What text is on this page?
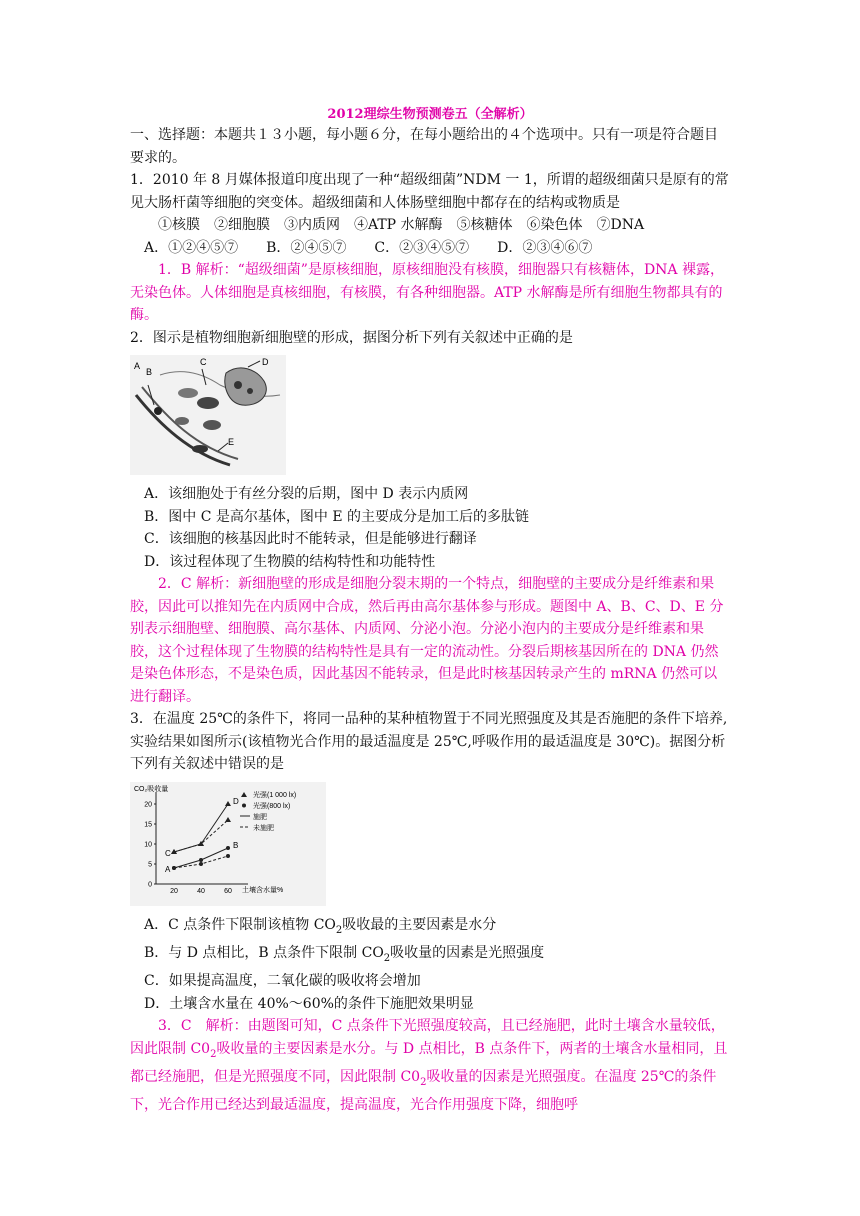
2012理综生物预测卷五（全解析）

一、选择题：本题共１３小题，每小题６分，在每小题给出的４个选项中。只有一项是符合题目要求的。

1．2010 年 8 月媒体报道印度出现了一种“超级细菌”NDM 一 1，所谓的超级细菌只是原有的常见大肠杆菌等细胞的突变体。超级细菌和人体肠壁细胞中都存在的结构或物质是

①核膜　②细胞膜　③内质网　④ATP 水解酶　⑤核糖体　⑥染色体　⑦DNA

A．①②④⑤⑦　　B．②④⑤⑦　　C．②③④⑤⑦　　D．②③④⑥⑦

1．B 解析：“超级细菌”是原核细胞，原核细胞没有核膜，细胞器只有核糖体，DNA 裸露，无染色体。人体细胞是真核细胞，有核膜，有各种细胞器。ATP 水解酶是所有细胞生物都具有的酶。

2．图示是植物细胞新细胞壁的形成，据图分析下列有关叙述中正确的是

A
B
C	D
E

A．该细胞处于有丝分裂的后期，图中 D 表示内质网

B．图中 C 是高尔基体，图中 E 的主要成分是加工后的多肽链

C．该细胞的核基因此时不能转录，但是能够进行翻译

D．该过程体现了生物膜的结构特性和功能特性

2．C 解析：新细胞壁的形成是细胞分裂末期的一个特点，细胞壁的主要成分是纤维素和果胶，因此可以推知先在内质网中合成，然后再由高尔基体参与形成。题图中 A、B、C、D、E 分别表示细胞壁、细胞膜、高尔基体、内质网、分泌小泡。分泌小泡内的主要成分是纤维素和果胶，这个过程体现了生物膜的结构特性是具有一定的流动性。分裂后期核基因所在的 DNA 仍然是染色体形态，不是染色质，因此基因不能转录，但是此时核基因转录产生的 mRNA 仍然可以进行翻译。

3．在温度 25℃的条件下，将同一品种的某种植物置于不同光照强度及其是否施肥的条件下培养,实验结果如图所示(该植物光合作用的最适温度是 25℃,呼吸作用的最适温度是 30℃)。据图分析下列有关叙述中错误的是

CO₂吸收量
土壤含水量%
0
5
10
15
20
20	40	60
A
B
C
D
光强(1 000 lx)
光强(800 lx)
施肥
未施肥

A．C 点条件下限制该植物 $CO_2$吸收最的主要因素是水分

B．与 D 点相比，B 点条件下限制 $CO_2$吸收量的因素是光照强度

C．如果提高温度，二氧化碳的吸收将会增加

D．土壤含水量在 40%～60%的条件下施肥效果明显

3．C　解析：由题图可知，C 点条件下光照强度较高，且已经施肥，此时土壤含水量较低，因此限制 $C0_2$吸收量的主要因素是水分。与 D 点相比，B 点条件下，两者的土壤含水量相同，且都已经施肥，但是光照强度不同，因此限制 $C0_2$吸收量的因素是光照强度。在温度 25℃的条件下，光合作用已经达到最适温度，提高温度，光合作用强度下降，细胞呼
